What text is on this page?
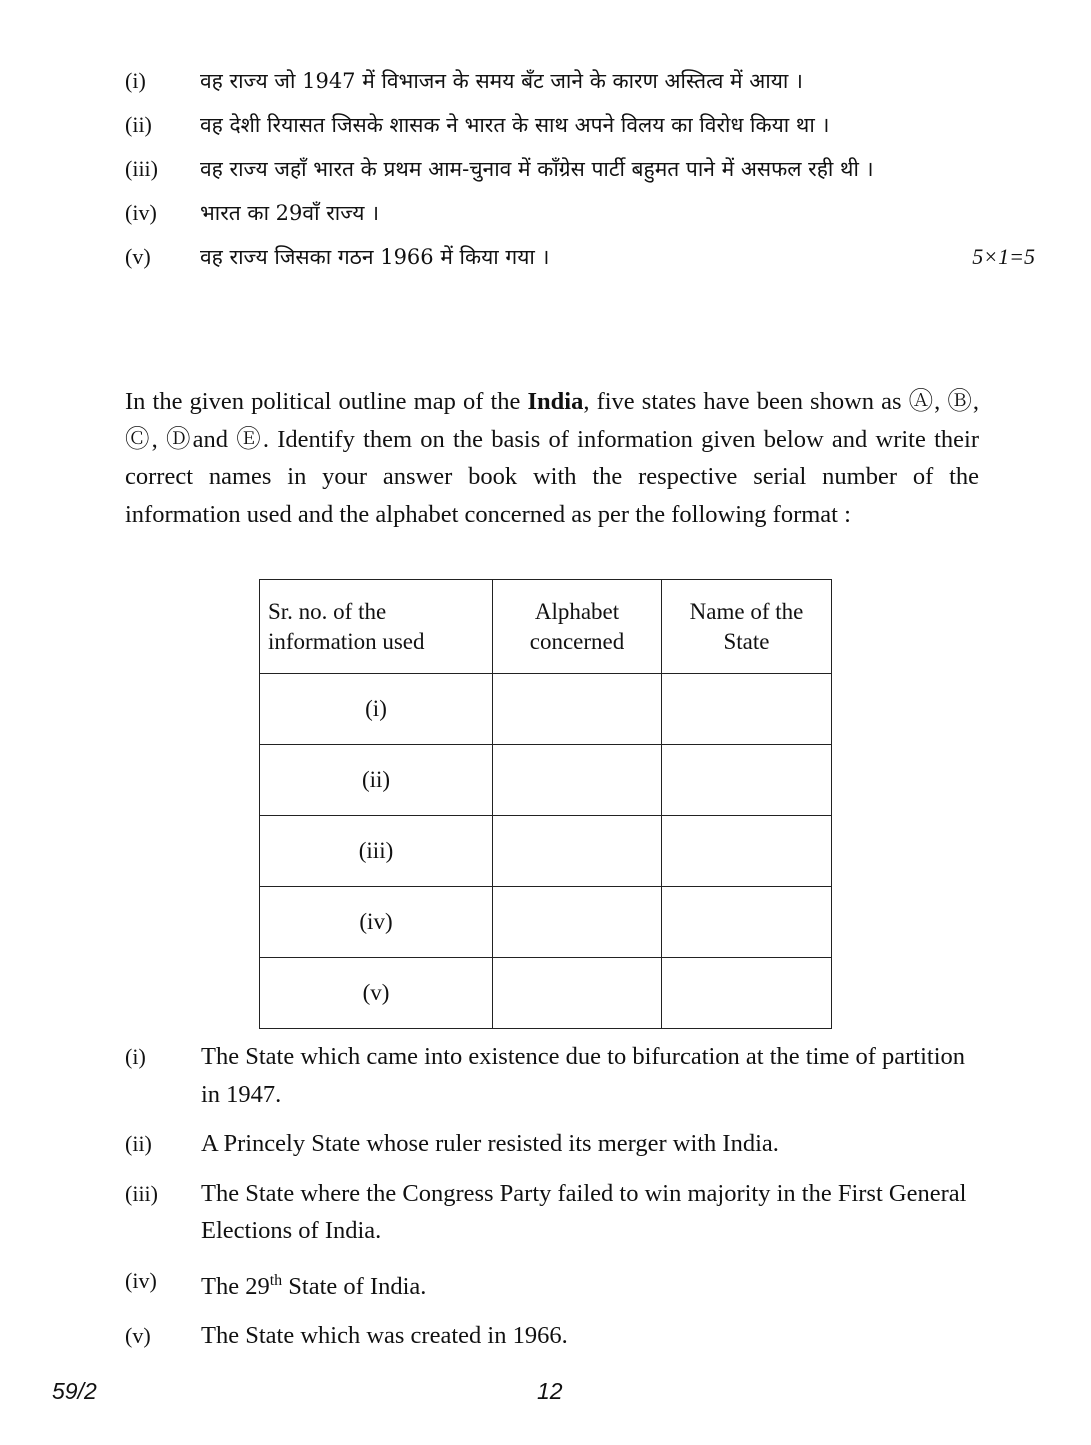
(i)	वह राज्य जो 1947 में विभाजन के समय बँट जाने के कारण अस्तित्व में आया ।
(ii)	वह देशी रियासत जिसके शासक ने भारत के साथ अपने विलय का विरोध किया था ।
(iii)	वह राज्य जहाँ भारत के प्रथम आम-चुनाव में काँग्रेस पार्टी बहुमत पाने में असफल रही थी ।
(iv)	भारत का 29वाँ राज्य ।
(v)	वह राज्य जिसका गठन 1966 में किया गया ।	5×1=5
In the given political outline map of the India, five states have been shown as Ⓐ, Ⓑ, Ⓒ, Ⓓand Ⓔ. Identify them on the basis of information given below and write their correct names in your answer book with the respective serial number of the information used and the alphabet concerned as per the following format :
Sr. no. of the information used	Alphabet concerned	Name of the State
(i)		
(ii)		
(iii)		
(iv)		
(v)		
(i)	The State which came into existence due to bifurcation at the time of partition in 1947.
(ii)	A Princely State whose ruler resisted its merger with India.
(iii)	The State where the Congress Party failed to win majority in the First General Elections of India.
(iv)	The 29th State of India.
(v)	The State which was created in 1966.
59/2	12
